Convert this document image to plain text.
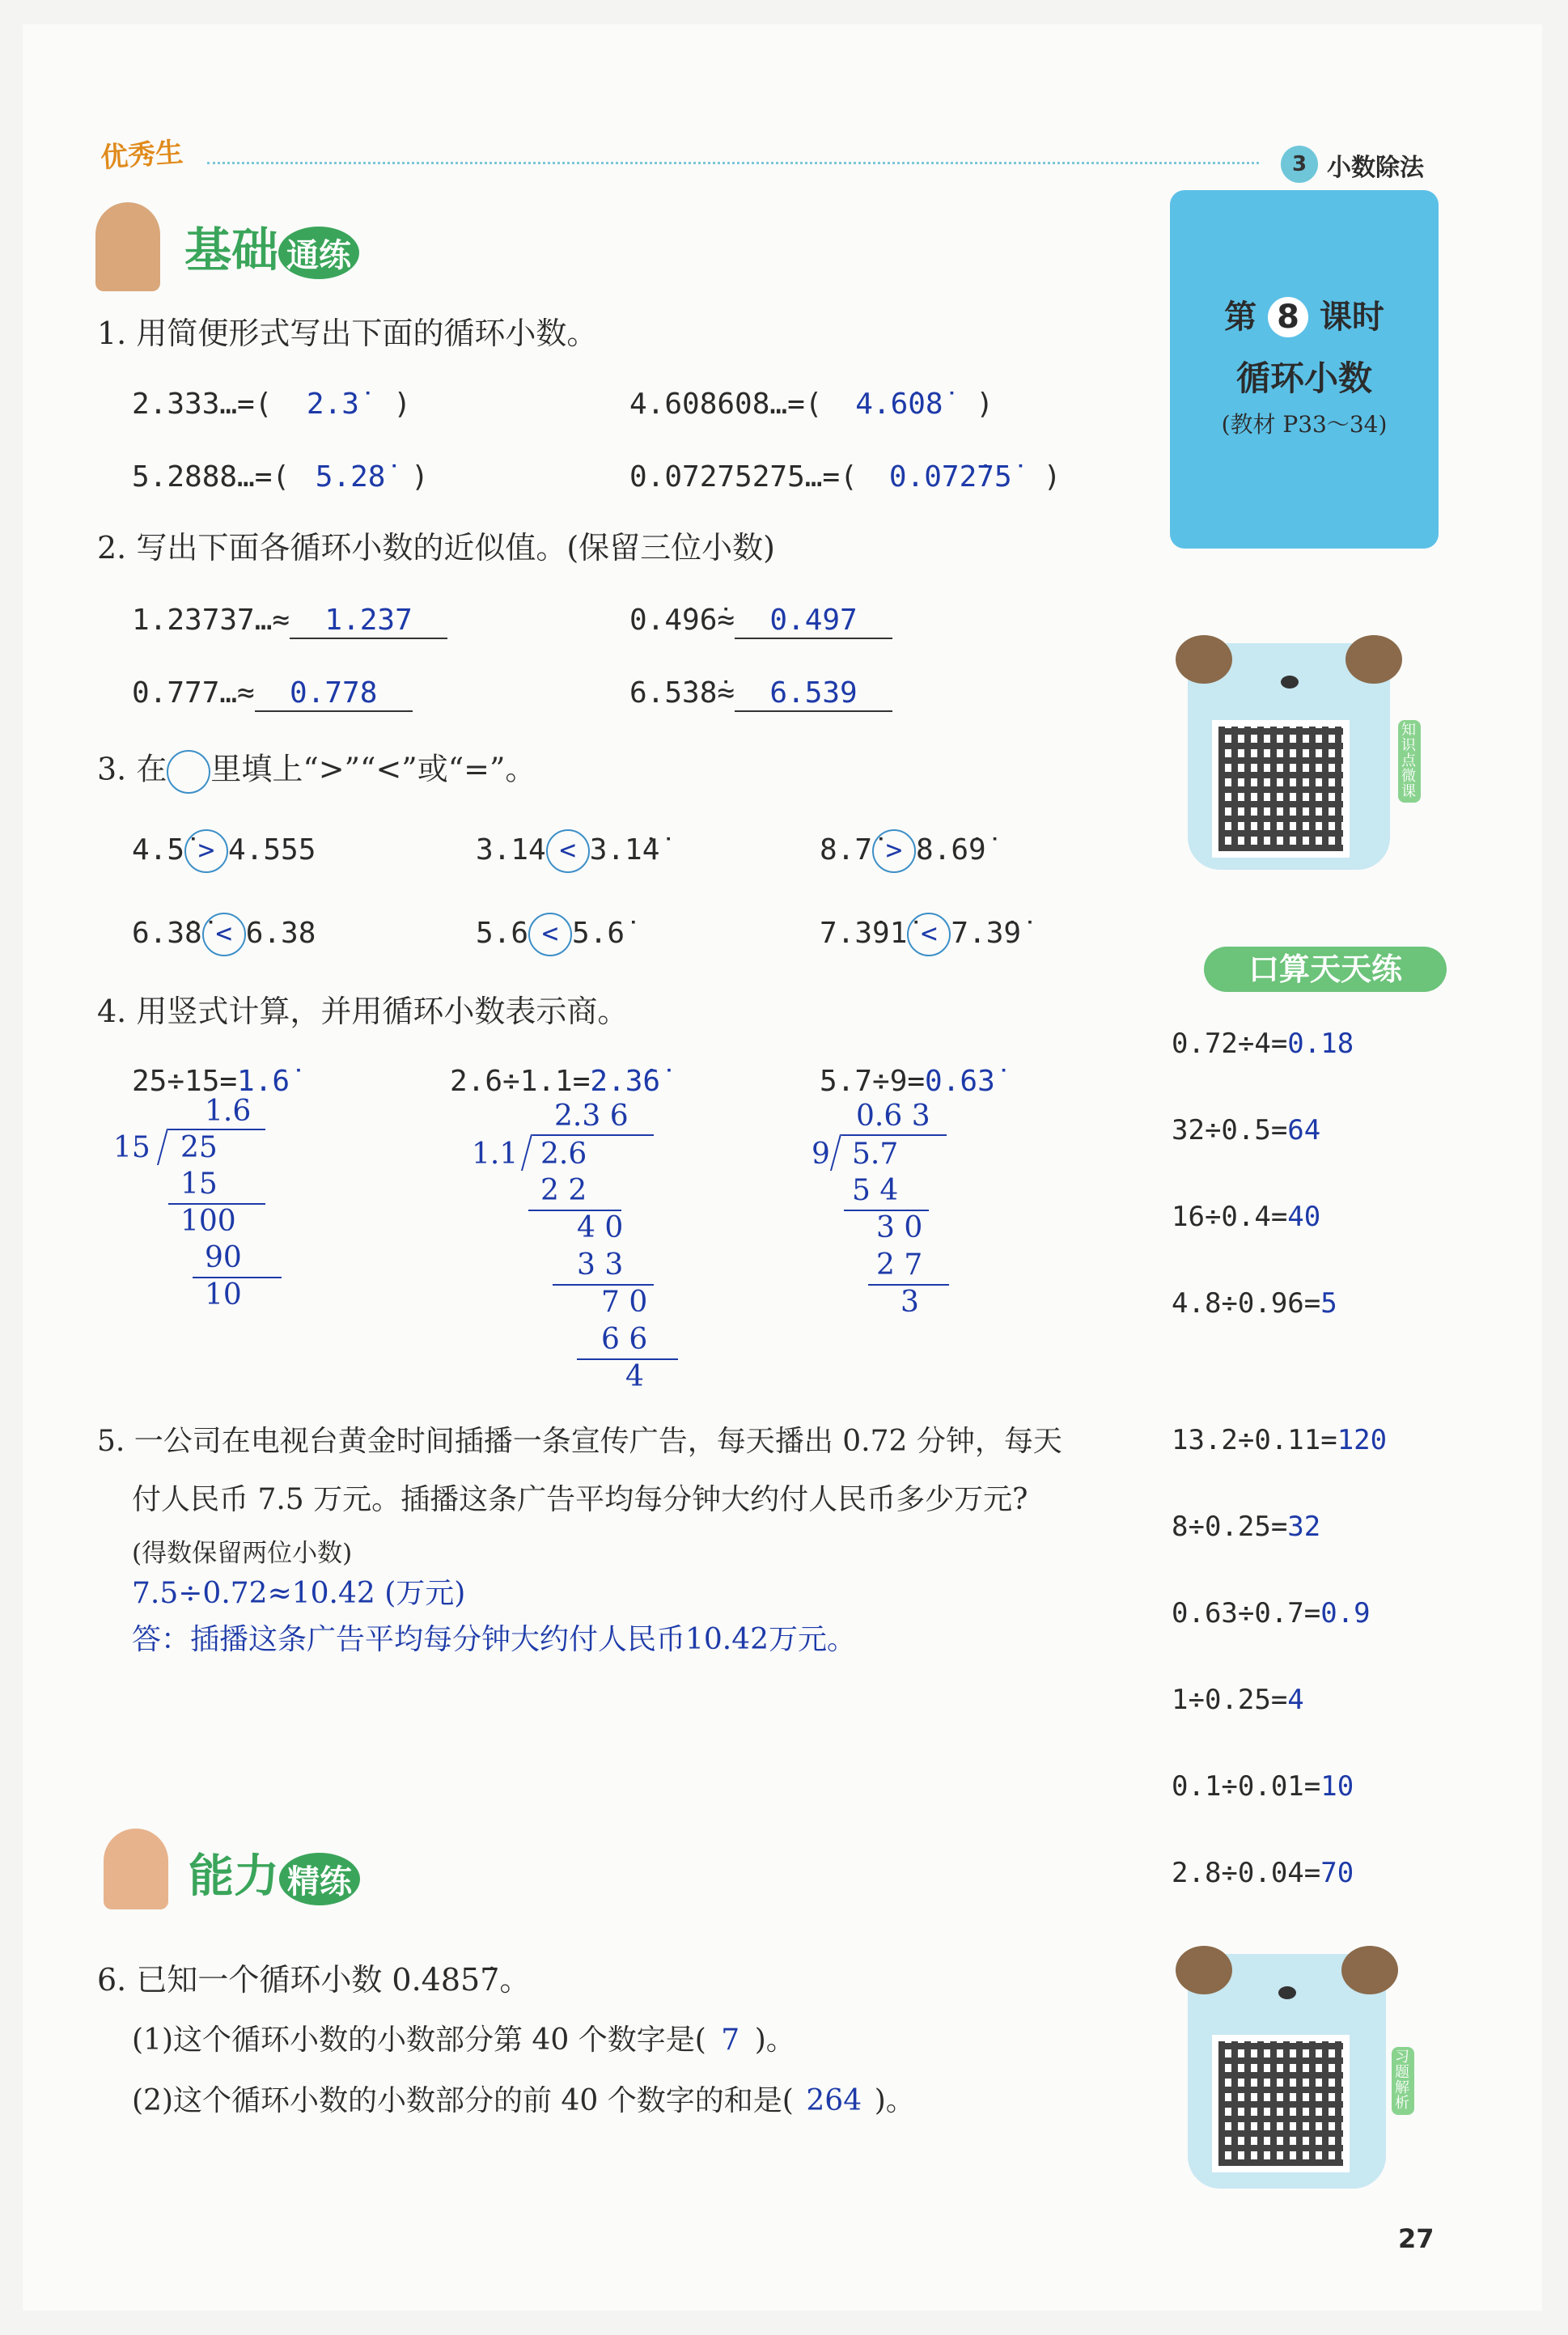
优秀生	3 小数除法
第 8 课时
循环小数
(教材 P33～34)
基础 通练
1. 用简便形式写出下面的循环小数。
2.333…=( 2.3̇ )	4.608608…=( 4.6̇08̇ )
5.2888…=( 5.28̇ )	0.07275275…=( 0.072̇75̇ )
2. 写出下面各循环小数的近似值。(保留三位小数)
1.23737…≈ 1.237	0.4̇96̇≈ 0.497
0.777…≈ 0.778	6.5̇38̇≈ 6.539
3. 在 里填上“>”“<”或“=”。
4.5̇ > 4.555	3.14 < 3.1̇4̇	8.7̇ > 8.6̇9̇
6.3̇8̇ < 6.38	5.6 < 5.6̇	7.3̇91̇ < 7.3̇9̇
4. 用竖式计算，并用循环小数表示商。
25÷15=1.6̇
1.6
15 25
15
100
90
10
2.6÷1.1=2.3̇6̇
2.3 6
1.1 2.6
2 2
4 0
3 3
7 0
6 6
4
5.7÷9=0.63̇
0.6 3
9 5.7
5 4
3 0
2 7
3
5. 一公司在电视台黄金时间插播一条宣传广告，每天播出 0.72 分钟，每天
付人民币 7.5 万元。插播这条广告平均每分钟大约付人民币多少万元?
(得数保留两位小数)
7.5÷0.72≈10.42 (万元)
答：插播这条广告平均每分钟大约付人民币10.42万元。
能力 精练
6. 已知一个循环小数 0.4̇857̇。
(1)这个循环小数的小数部分第 40 个数字是( 7 )。
(2)这个循环小数的小数部分的前 40 个数字的和是( 264 )。
知识点微课
口算天天练
0.72÷4=0.18
32÷0.5=64
16÷0.4=40
4.8÷0.96=5
13.2÷0.11=120
8÷0.25=32
0.63÷0.7=0.9
1÷0.25=4
0.1÷0.01=10
2.8÷0.04=70
习题解析
27
